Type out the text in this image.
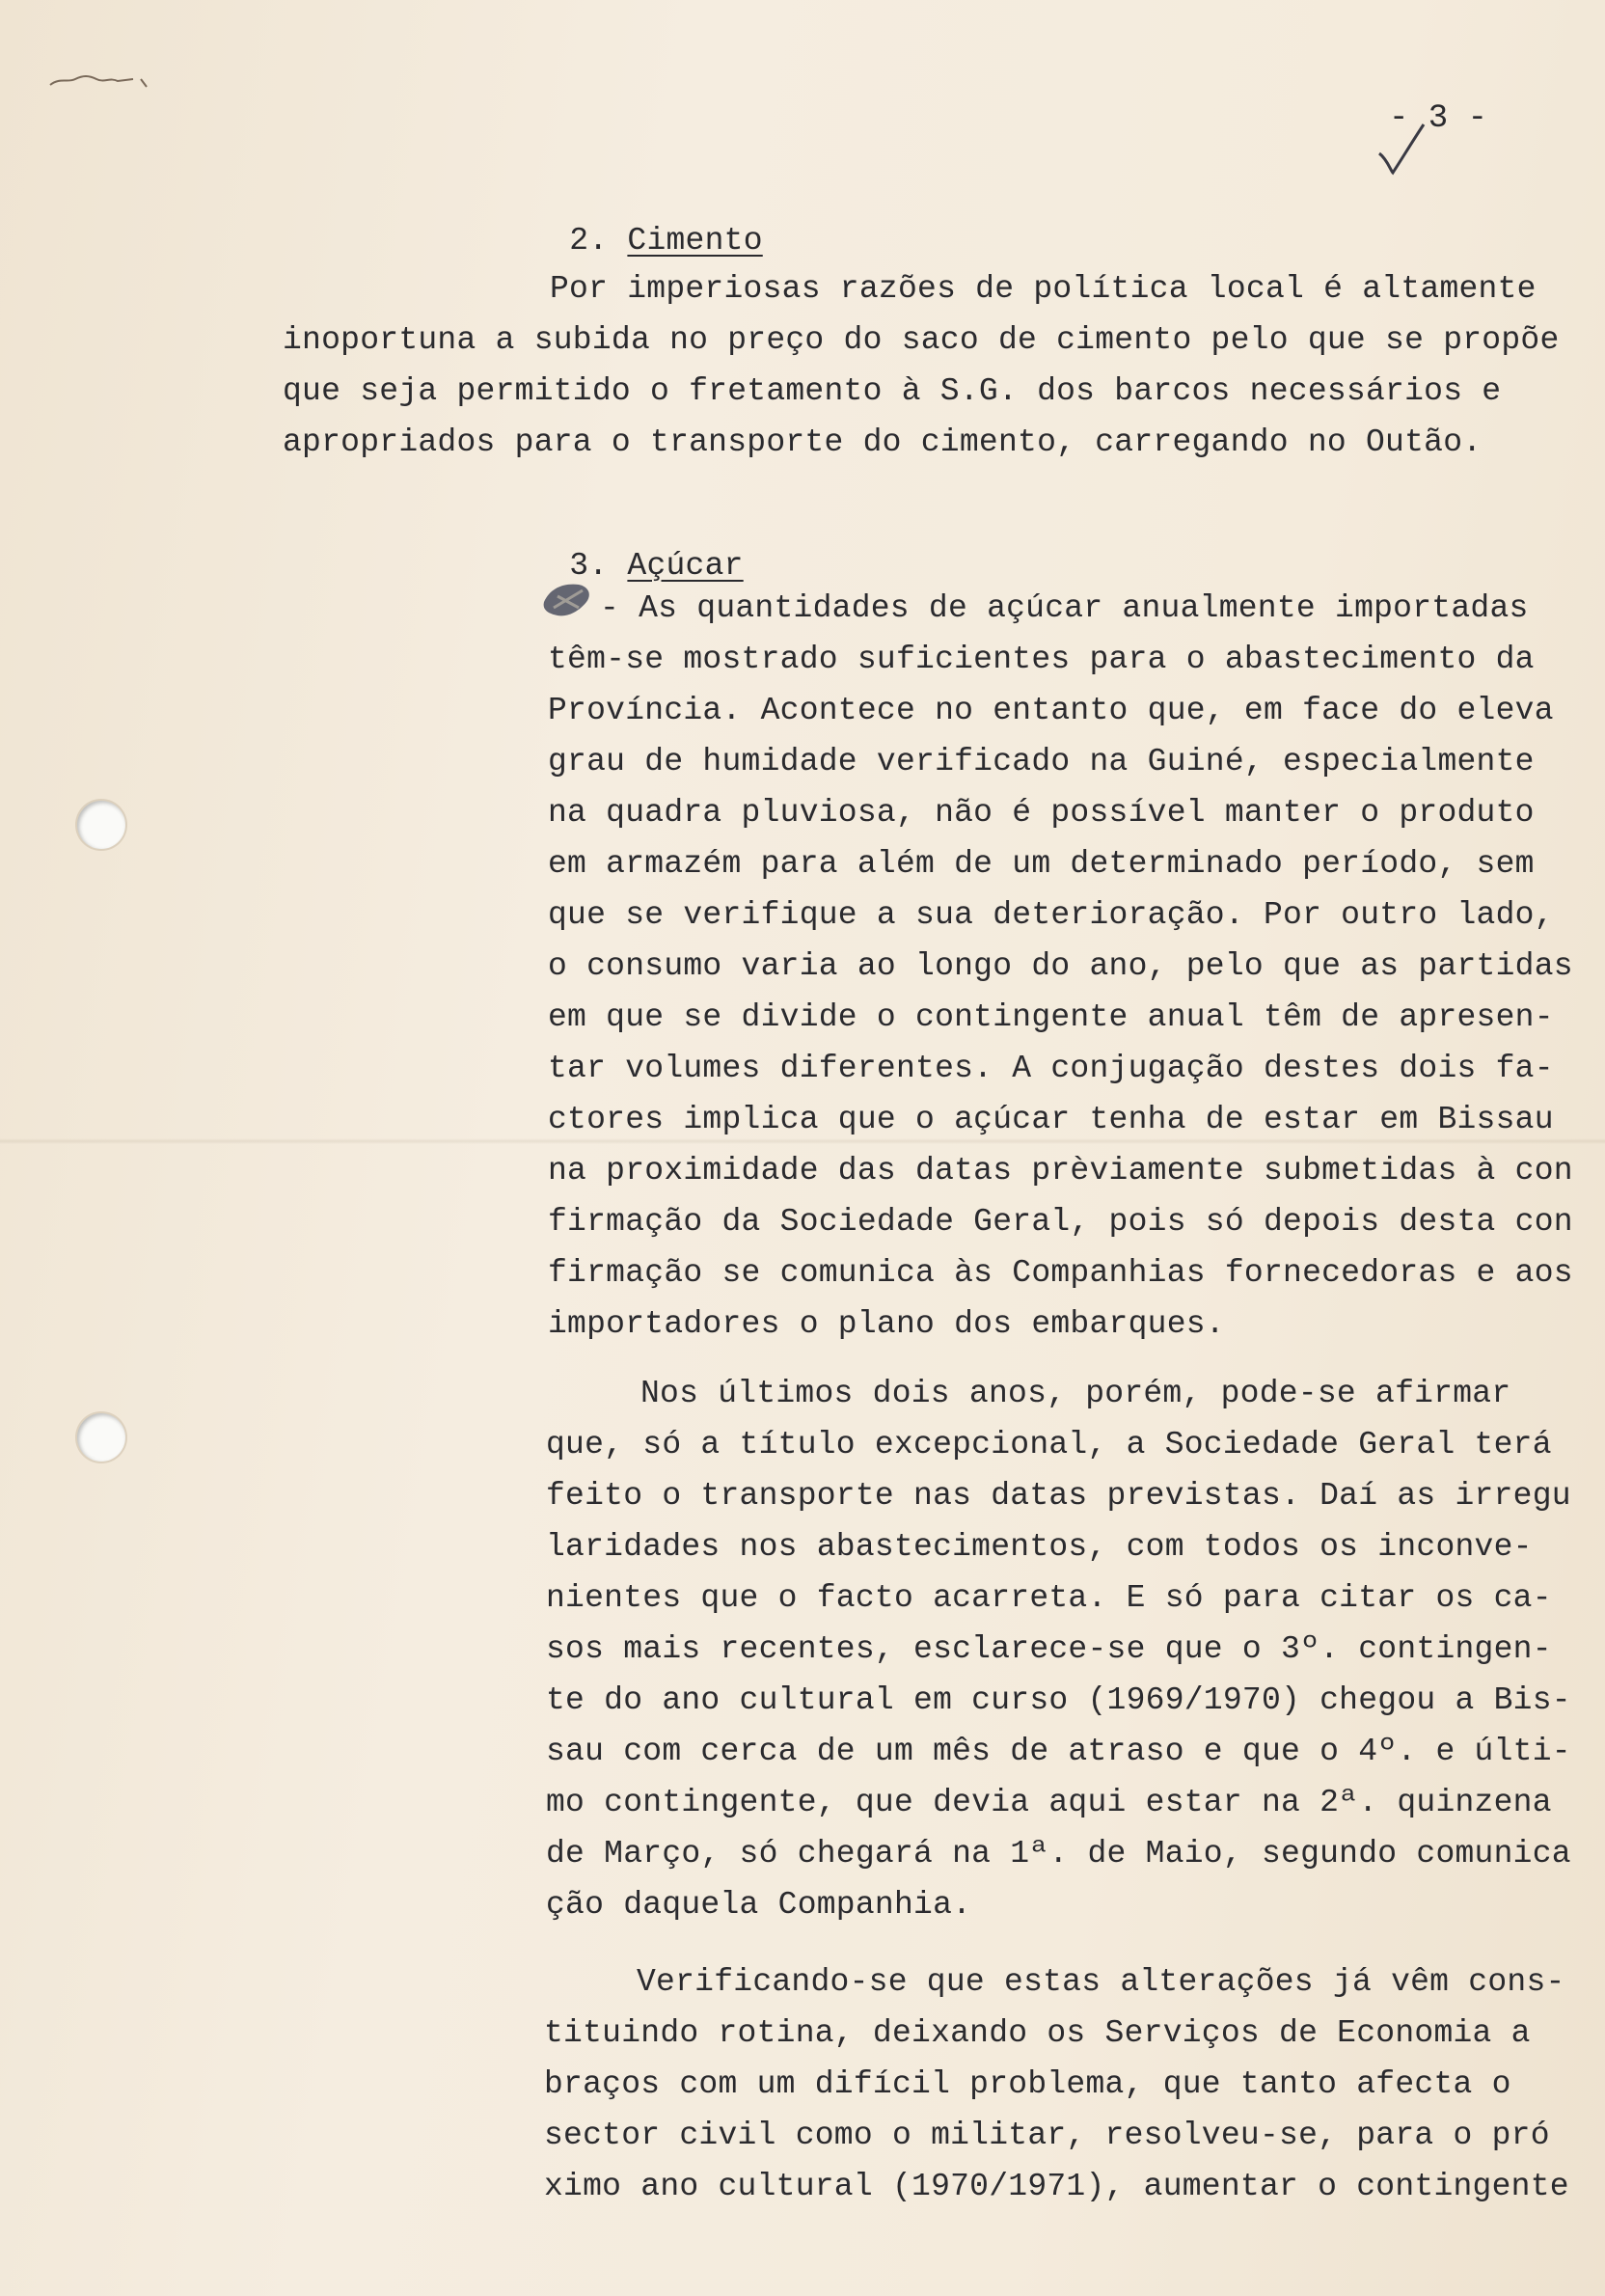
- 3 -

2. Cimento

Por imperiosas razões de política local é altamente
inoportuna a subida no preço do saco de cimento pelo que se propõe
que seja permitido o fretamento à S.G. dos barcos necessários e
apropriados para o transporte do cimento, carregando no Outão.

3. Açúcar

- As quantidades de açúcar anualmente importadas
têm-se mostrado suficientes para o abastecimento da
Província. Acontece no entanto que, em face do eleva
grau de humidade verificado na Guiné, especialmente
na quadra pluviosa, não é possível manter o produto
em armazém para além de um determinado período, sem
que se verifique a sua deterioração. Por outro lado,
o consumo varia ao longo do ano, pelo que as partidas
em que se divide o contingente anual têm de apresen-
tar volumes diferentes. A conjugação destes dois fa-
ctores implica que o açúcar tenha de estar em Bissau
na proximidade das datas prèviamente submetidas à con
firmação da Sociedade Geral, pois só depois desta con
firmação se comunica às Companhias fornecedoras e aos
importadores o plano dos embarques.
Nos últimos dois anos, porém, pode-se afirmar
que, só a título excepcional, a Sociedade Geral terá
feito o transporte nas datas previstas. Daí as irregu
laridades nos abastecimentos, com todos os inconve-
nientes que o facto acarreta. E só para citar os ca-
sos mais recentes, esclarece-se que o 3º. contingen-
te do ano cultural em curso (1969/1970) chegou a Bis-
sau com cerca de um mês de atraso e que o 4º. e últi-
mo contingente, que devia aqui estar na 2ª. quinzena
de Março, só chegará na 1ª. de Maio, segundo comunica
ção daquela Companhia.
Verificando-se que estas alterações já vêm cons-
tituindo rotina, deixando os Serviços de Economia a
braços com um difícil problema, que tanto afecta o
sector civil como o militar, resolveu-se, para o pró
ximo ano cultural (1970/1971), aumentar o contingente
